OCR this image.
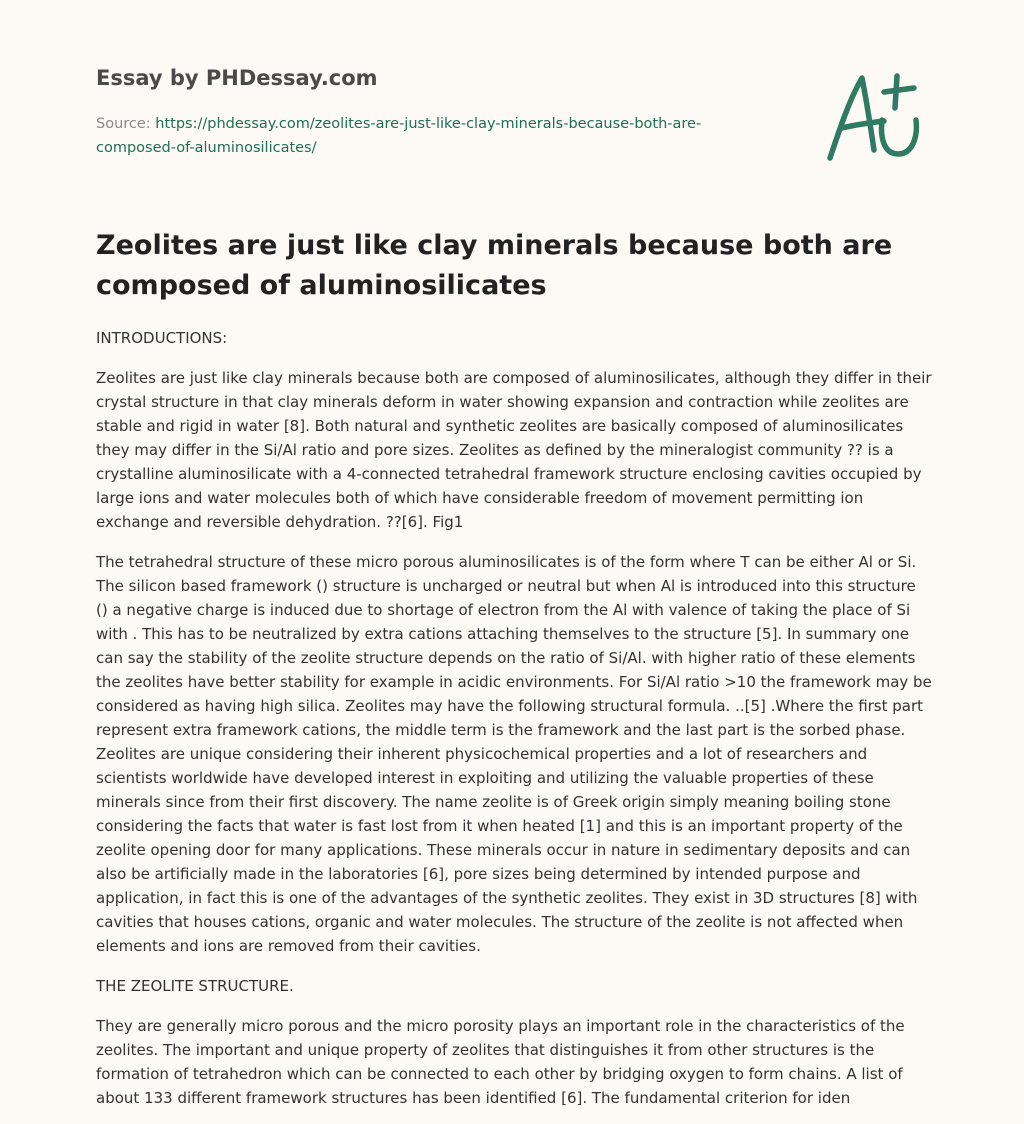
Essay by PHDessay.com

Source: https://phdessay.com/zeolites-are-just-like-clay-minerals-because-both-are-composed-of-aluminosilicates/

Zeolites are just like clay minerals because both are composed of aluminosilicates

INTRODUCTIONS:

Zeolites are just like clay minerals because both are composed of aluminosilicates, although they differ in their crystal structure in that clay minerals deform in water showing expansion and contraction while zeolites are stable and rigid in water [8]. Both natural and synthetic zeolites are basically composed of aluminosilicates they may differ in the Si/Al ratio and pore sizes. Zeolites as defined by the mineralogist community ?? is a crystalline aluminosilicate with a 4-connected tetrahedral framework structure enclosing cavities occupied by large ions and water molecules both of which have considerable freedom of movement permitting ion exchange and reversible dehydration. ??[6]. Fig1

The tetrahedral structure of these micro porous aluminosilicates is of the form where T can be either Al or Si. The silicon based framework () structure is uncharged or neutral but when Al is introduced into this structure () a negative charge is induced due to shortage of electron from the Al with valence of taking the place of Si with . This has to be neutralized by extra cations attaching themselves to the structure [5]. In summary one can say the stability of the zeolite structure depends on the ratio of Si/Al. with higher ratio of these elements the zeolites have better stability for example in acidic environments. For Si/Al ratio >10 the framework may be considered as having high silica. Zeolites may have the following structural formula. ..[5] .Where the first part represent extra framework cations, the middle term is the framework and the last part is the sorbed phase. Zeolites are unique considering their inherent physicochemical properties and a lot of researchers and scientists worldwide have developed interest in exploiting and utilizing the valuable properties of these minerals since from their first discovery. The name zeolite is of Greek origin simply meaning boiling stone considering the facts that water is fast lost from it when heated [1] and this is an important property of the zeolite opening door for many applications. These minerals occur in nature in sedimentary deposits and can also be artificially made in the laboratories [6], pore sizes being determined by intended purpose and application, in fact this is one of the advantages of the synthetic zeolites. They exist in 3D structures [8] with cavities that houses cations, organic and water molecules. The structure of the zeolite is not affected when elements and ions are removed from their cavities.

THE ZEOLITE STRUCTURE.

They are generally micro porous and the micro porosity plays an important role in the characteristics of the zeolites. The important and unique property of zeolites that distinguishes it from other structures is the formation of tetrahedron which can be connected to each other by bridging oxygen to form chains. A list of about 133 different framework structures has been identified [6]. The fundamental criterion for iden
